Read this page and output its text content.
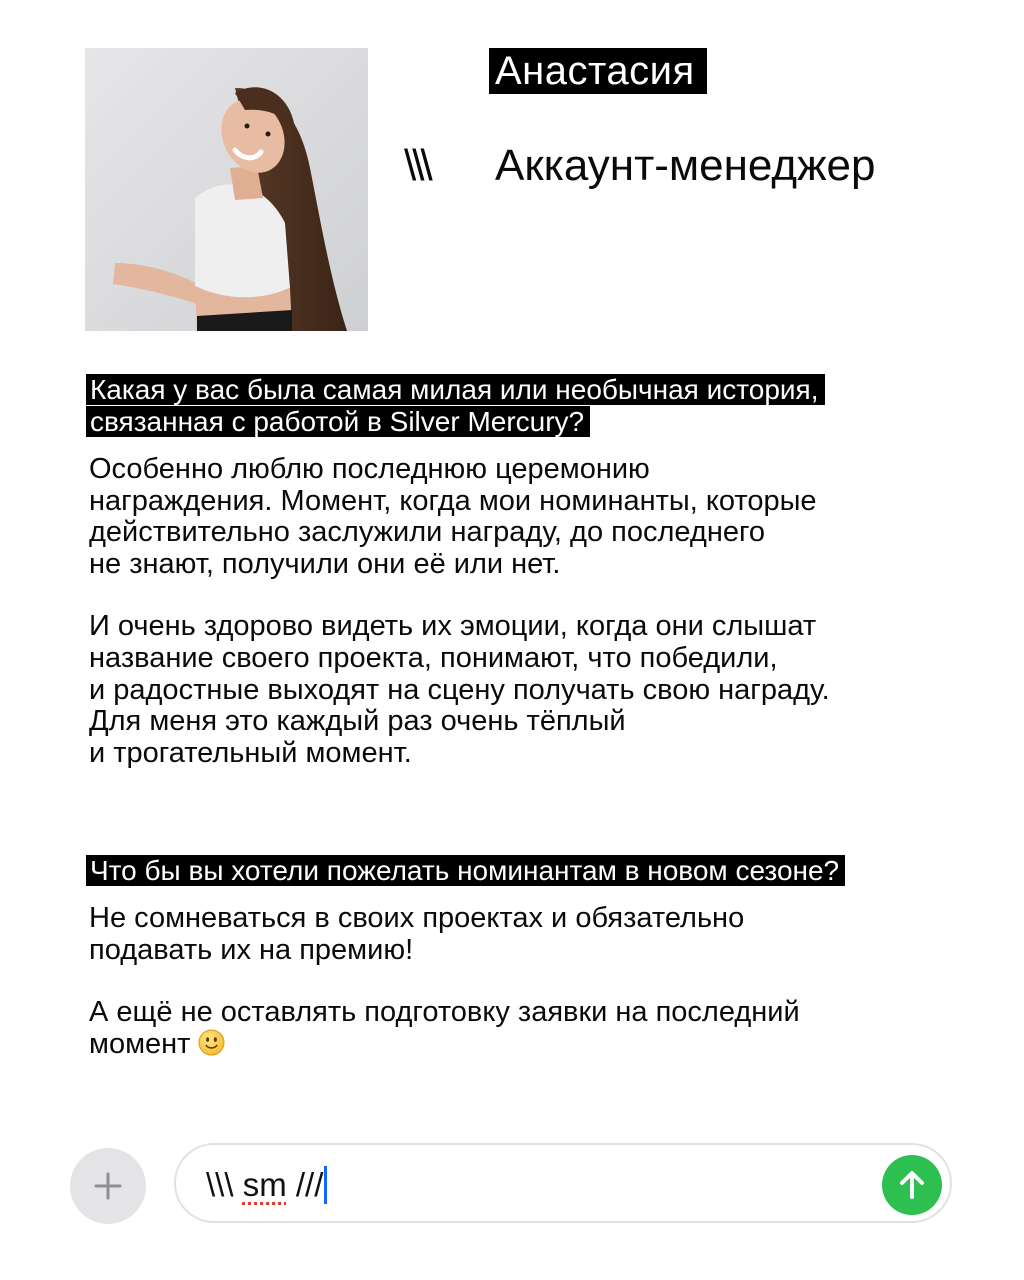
Анастасия
\\\ Аккаунт-менеджер

Какая у вас была самая милая или необычная история, связанная с работой в Silver Mercury?

Особенно люблю последнюю церемонию
награждения. Момент, когда мои номинанты, которые
действительно заслужили награду, до последнего
не знают, получили они её или нет.

И очень здорово видеть их эмоции, когда они слышат
название своего проекта, понимают, что победили,
и радостные выходят на сцену получать свою награду.
Для меня это каждый раз очень тёплый
и трогательный момент.

Что бы вы хотели пожелать номинантам в новом сезоне?

Не сомневаться в своих проектах и обязательно
подавать их на премию!

А ещё не оставлять подготовку заявки на последний
момент

\\\ sm ///
